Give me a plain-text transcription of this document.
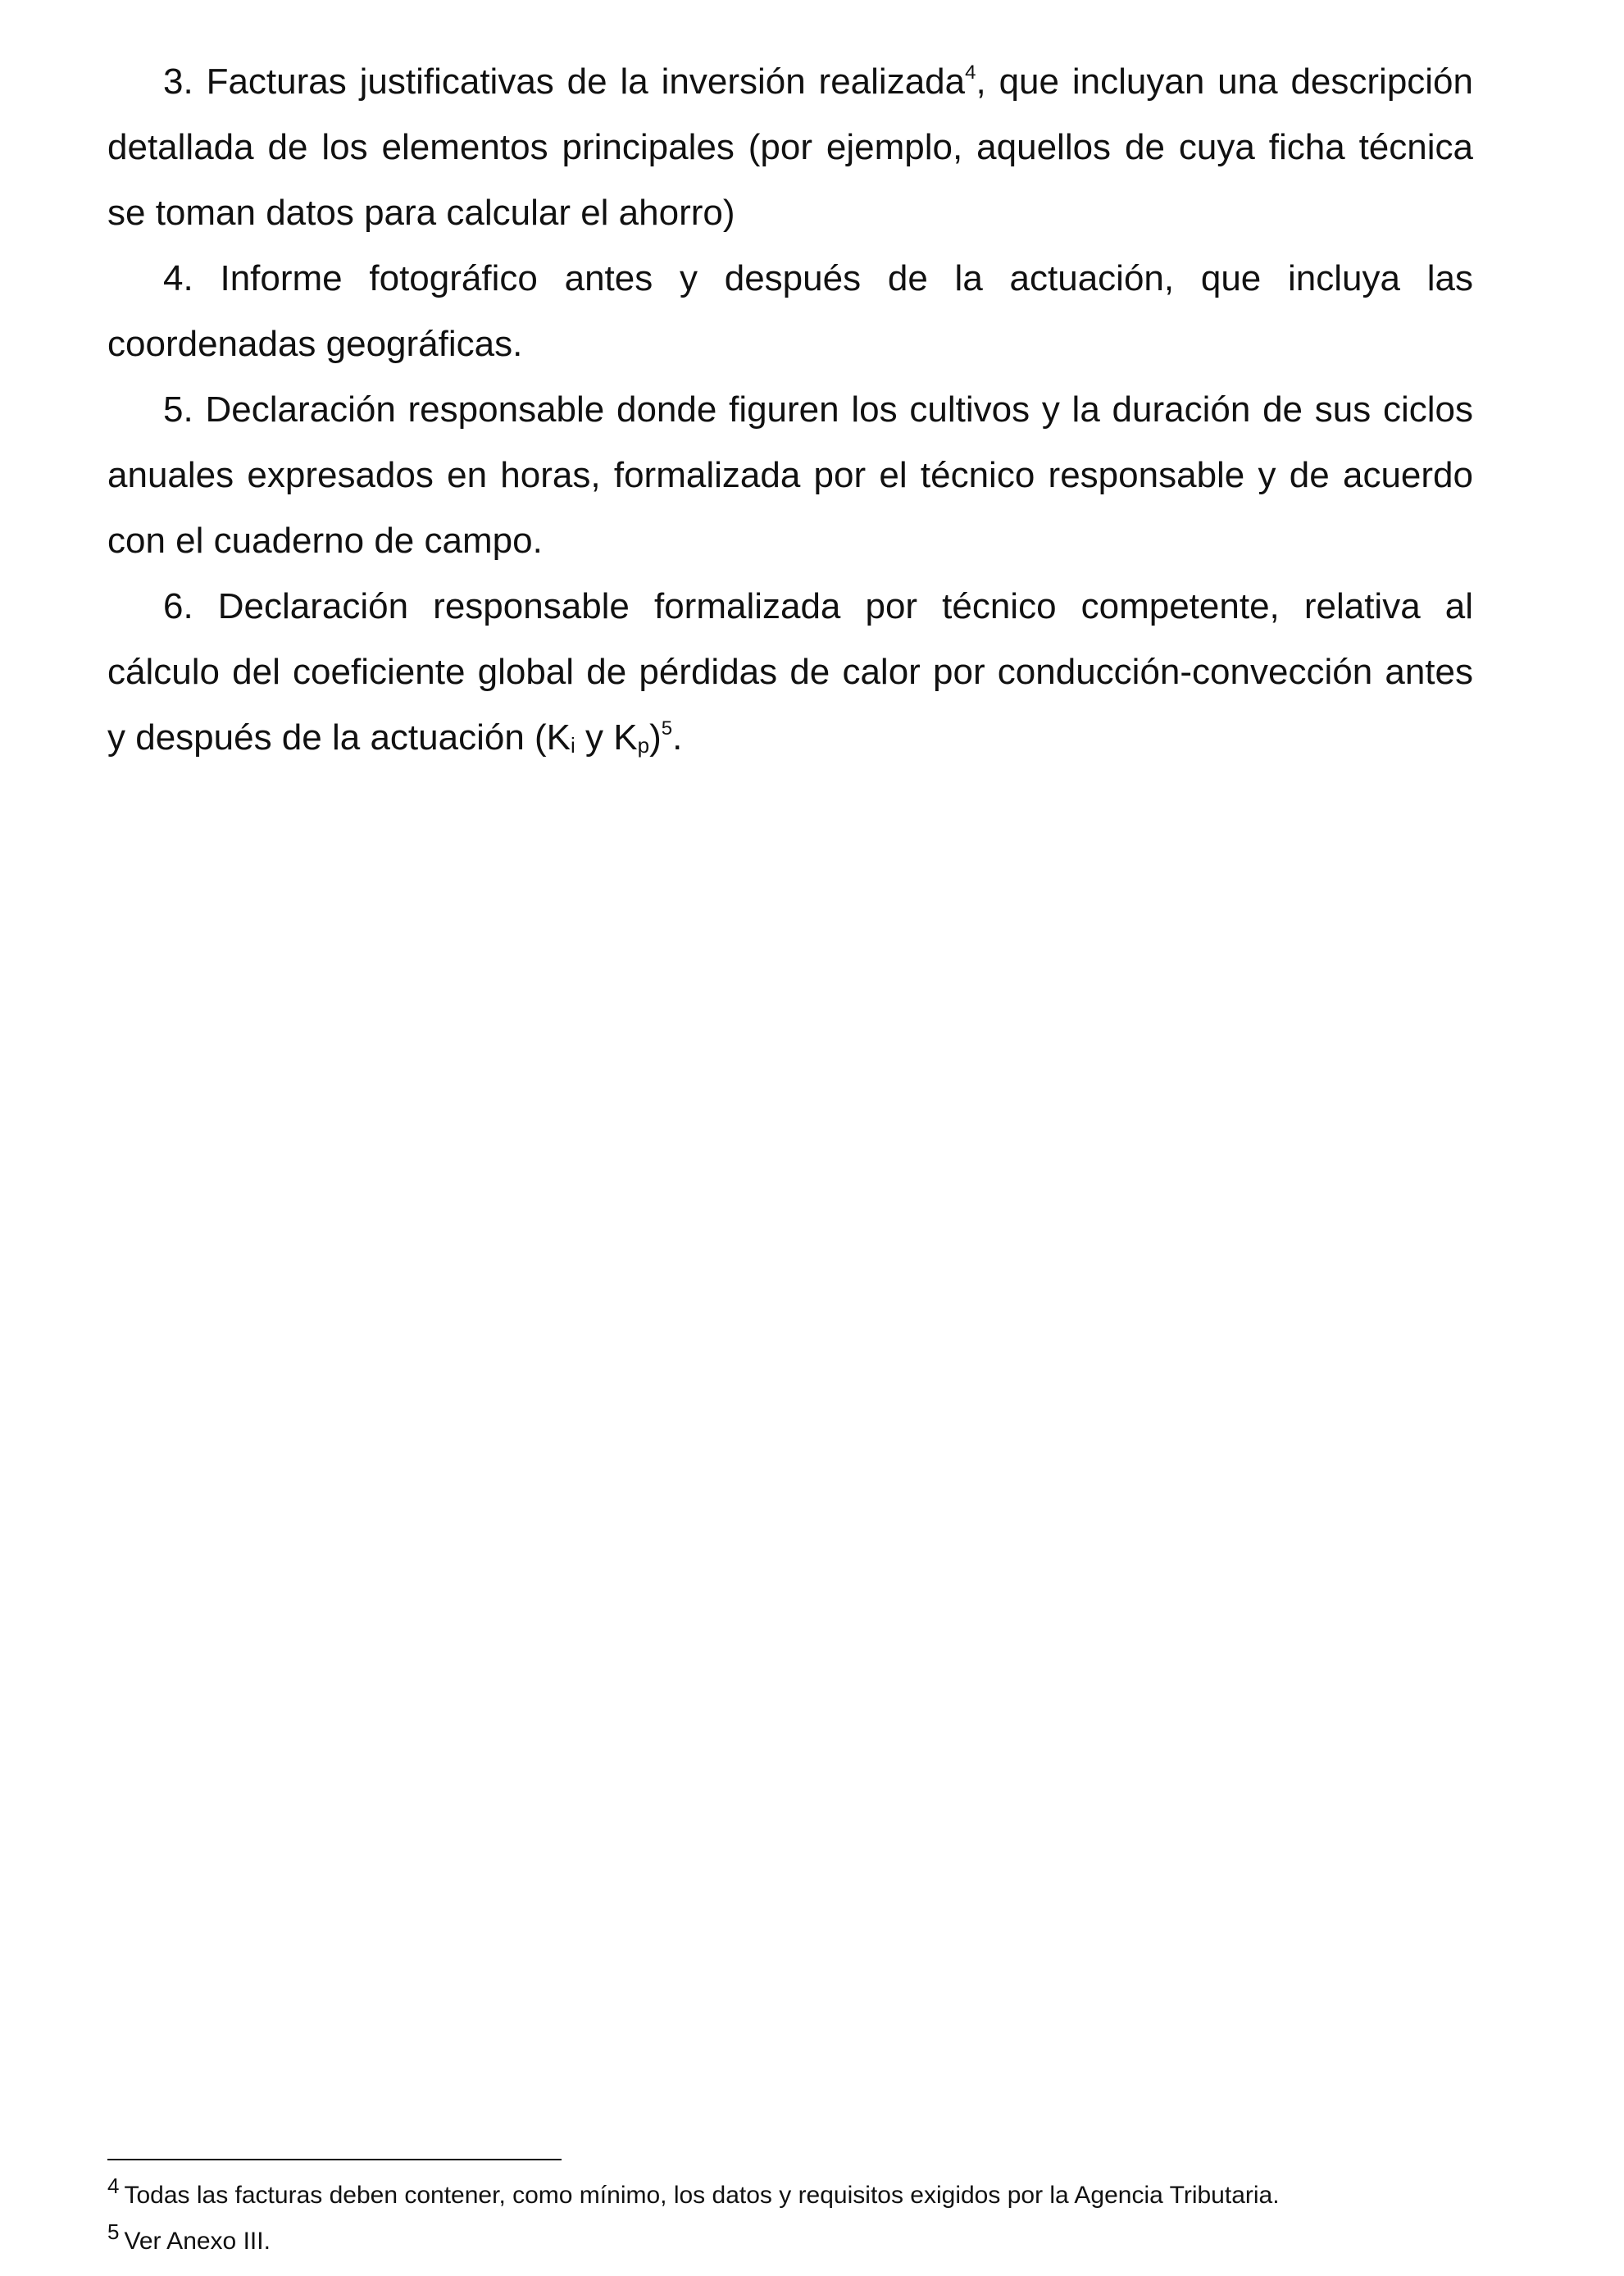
3. Facturas justificativas de la inversión realizada$^4$, que incluyan una descripción detallada de los elementos principales (por ejemplo, aquellos de cuya ficha técnica se toman datos para calcular el ahorro)

4. Informe fotográfico antes y después de la actuación, que incluya las coordenadas geográficas.

5. Declaración responsable donde figuren los cultivos y la duración de sus ciclos anuales expresados en horas, formalizada por el técnico responsable y de acuerdo con el cuaderno de campo.

6. Declaración responsable formalizada por técnico competente, relativa al cálculo del coeficiente global de pérdidas de calor por conducción-convección antes y después de la actuación (Ki y Kp)$^5$.

4 Todas las facturas deben contener, como mínimo, los datos y requisitos exigidos por la Agencia Tributaria.
5 Ver Anexo III.
